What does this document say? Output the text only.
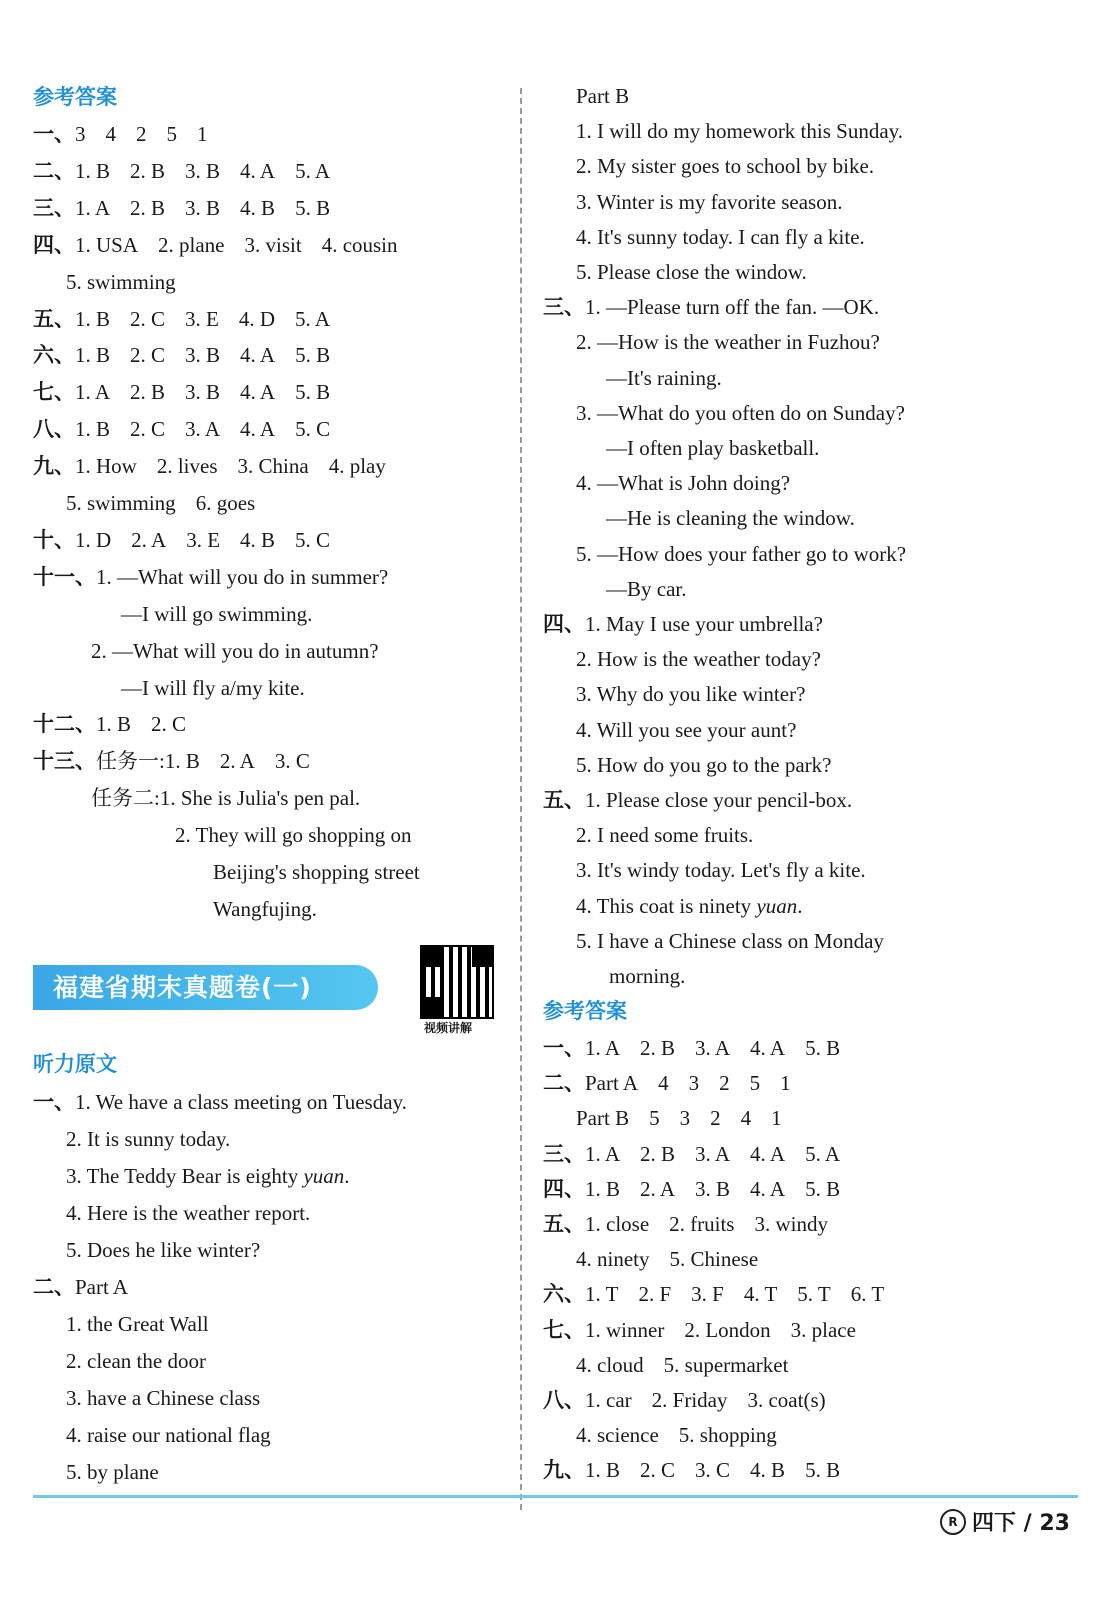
参考答案
一、3 4 2 5 1
二、1. B 2. B 3. B 4. A 5. A
三、1. A 2. B 3. B 4. B 5. B
四、1. USA 2. plane 3. visit 4. cousin
5. swimming
五、1. B 2. C 3. E 4. D 5. A
六、1. B 2. C 3. B 4. A 5. B
七、1. A 2. B 3. B 4. A 5. B
八、1. B 2. C 3. A 4. A 5. C
九、1. How 2. lives 3. China 4. play
5. swimming 6. goes
十、1. D 2. A 3. E 4. B 5. C
十一、1. —What will you do in summer?
—I will go swimming.
2. —What will you do in autumn?
—I will fly a/my kite.
十二、1. B 2. C
十三、任务一:1. B 2. A 3. C
任务二:1. She is Julia's pen pal.
2. They will go shopping on
Beijing's shopping street
Wangfujing.
听力原文
一、1. We have a class meeting on Tuesday.
2. It is sunny today.
3. The Teddy Bear is eighty yuan.
4. Here is the weather report.
5. Does he like winter?
二、Part A
1. the Great Wall
2. clean the door
3. have a Chinese class
4. raise our national flag
5. by plane
Part B
1. I will do my homework this Sunday.
2. My sister goes to school by bike.
3. Winter is my favorite season.
4. It's sunny today. I can fly a kite.
5. Please close the window.
三、1. —Please turn off the fan. —OK.
2. —How is the weather in Fuzhou?
—It's raining.
3. —What do you often do on Sunday?
—I often play basketball.
4. —What is John doing?
—He is cleaning the window.
5. —How does your father go to work?
—By car.
四、1. May I use your umbrella?
2. How is the weather today?
3. Why do you like winter?
4. Will you see your aunt?
5. How do you go to the park?
五、1. Please close your pencil-box.
2. I need some fruits.
3. It's windy today. Let's fly a kite.
4. This coat is ninety yuan.
5. I have a Chinese class on Monday
morning.
参考答案
一、1. A 2. B 3. A 4. A 5. B
二、Part A 4 3 2 5 1
Part B 5 3 2 4 1
三、1. A 2. B 3. A 4. A 5. A
四、1. B 2. A 3. B 4. A 5. B
五、1. close 2. fruits 3. windy
4. ninety 5. Chinese
六、1. T 2. F 3. F 4. T 5. T 6. T
七、1. winner 2. London 3. place
4. cloud 5. supermarket
八、1. car 2. Friday 3. coat(s)
4. science 5. shopping
九、1. B 2. C 3. C 4. B 5. B
福建省期末真题卷(一)
视频讲解
R 四下 / 23
